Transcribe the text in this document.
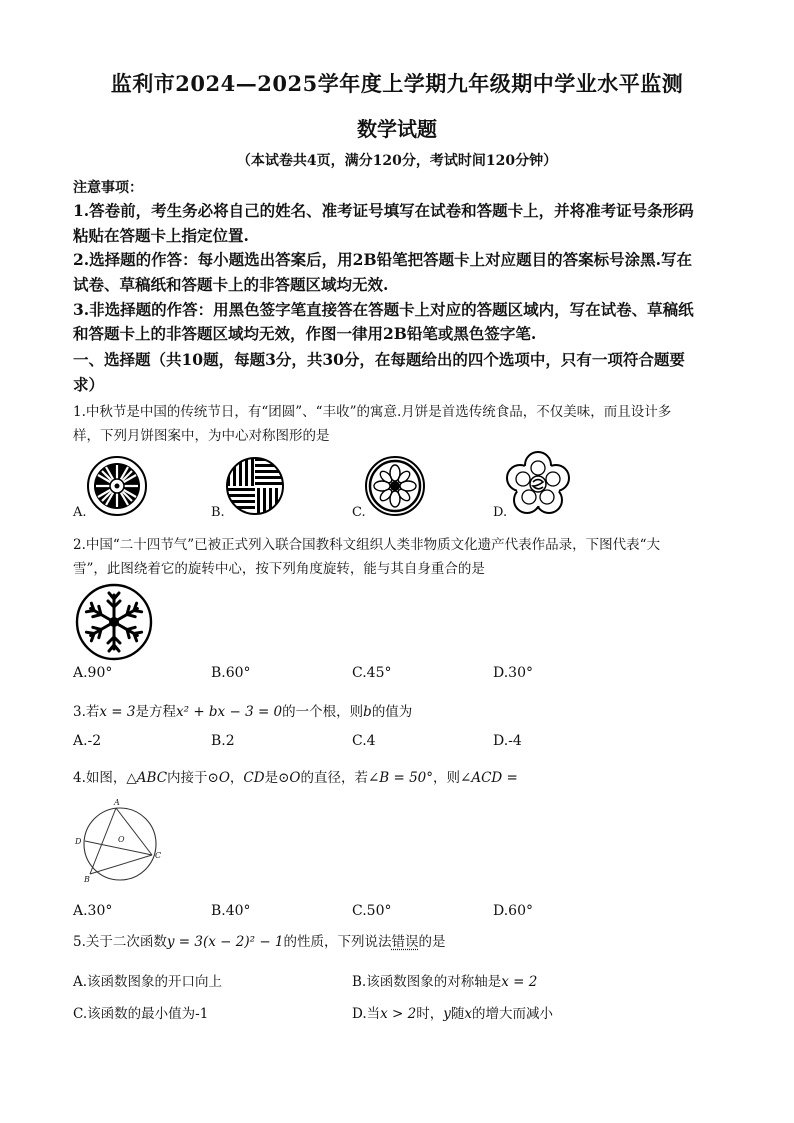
监利市2024—2025学年度上学期九年级期中学业水平监测
数学试题
（本试卷共4页，满分120分，考试时间120分钟）
注意事项：
1.答卷前，考生务必将自己的姓名、准考证号填写在试卷和答题卡上，并将准考证号条形码
粘贴在答题卡上指定位置.
2.选择题的作答：每小题选出答案后，用2B铅笔把答题卡上对应题目的答案标号涂黑.写在
试卷、草稿纸和答题卡上的非答题区域均无效.
3.非选择题的作答：用黑色签字笔直接答在答题卡上对应的答题区域内，写在试卷、草稿纸
和答题卡上的非答题区域均无效，作图一律用2B铅笔或黑色签字笔.
一、选择题（共10题，每题3分，共30分，在每题给出的四个选项中，只有一项符合题要
求）
1.中秋节是中国的传统节日，有“团圆”、“丰收”的寓意.月饼是首选传统食品，不仅美味，而且设计多
样，下列月饼图案中，为中心对称图形的是
A.	B.	C.	D.
2.中国“二十四节气”已被正式列入联合国教科文组织人类非物质文化遗产代表作品录，下图代表“大
雪”，此图绕着它的旋转中心，按下列角度旋转，能与其自身重合的是
A.90°	B.60°	C.45°	D.30°
3.若x = 3是方程x² + bx − 3 = 0的一个根，则b的值为
A.-2	B.2	C.4	D.-4
4.如图，△ABC内接于⊙O，CD是⊙O的直径，若∠B = 50°，则∠ACD =
A
D	O
C
B
A.30°	B.40°	C.50°	D.60°
5.关于二次函数y = 3(x − 2)² − 1的性质，下列说法错误的是
A.该函数图象的开口向上	B.该函数图象的对称轴是x = 2
C.该函数的最小值为-1	D.当x > 2时，y随x的增大而减小
